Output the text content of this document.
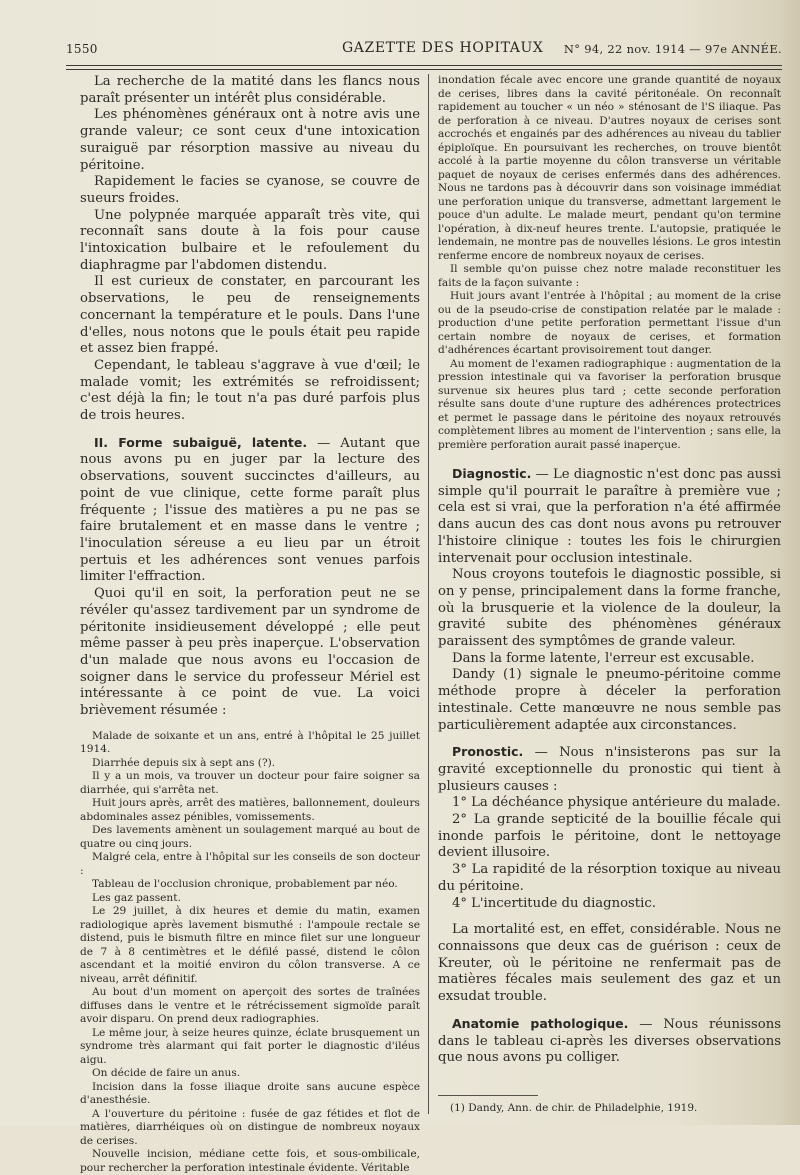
1550	GAZETTE DES HOPITAUX N° 94, 22 nov. 1914 — 97e ANNÉE.

La recherche de la matité dans les flancs nous paraît présenter un intérêt plus considérable.

Les phénomènes généraux ont à notre avis une grande valeur; ce sont ceux d'une intoxication suraiguë par résorption massive au niveau du péritoine.

Rapidement le facies se cyanose, se couvre de sueurs froides.

Une polypnée marquée apparaît très vite, qui reconnaît sans doute à la fois pour cause l'intoxication bulbaire et le refoulement du diaphragme par l'abdomen distendu.

Il est curieux de constater, en parcourant les observations, le peu de renseignements concernant la température et le pouls. Dans l'une d'elles, nous notons que le pouls était peu rapide et assez bien frappé.

Cependant, le tableau s'aggrave à vue d'œil; le malade vomit; les extrémités se refroidissent; c'est déjà la fin; le tout n'a pas duré parfois plus de trois heures.

II. Forme subaiguë, latente. — Autant que nous avons pu en juger par la lecture des observations, souvent succinctes d'ailleurs, au point de vue clinique, cette forme paraît plus fréquente ; l'issue des matières a pu ne pas se faire brutalement et en masse dans le ventre ; l'inoculation séreuse a eu lieu par un étroit pertuis et les adhérences sont venues parfois limiter l'effraction.

Quoi qu'il en soit, la perforation peut ne se révéler qu'assez tardivement par un syndrome de péritonite insidieusement développé ; elle peut même passer à peu près inaperçue. L'observation d'un malade que nous avons eu l'occasion de soigner dans le service du professeur Mériel est intéressante à ce point de vue. La voici brièvement résumée :

Malade de soixante et un ans, entré à l'hôpital le 25 juillet 1914.

Diarrhée depuis six à sept ans (?).

Il y a un mois, va trouver un docteur pour faire soigner sa diarrhée, qui s'arrêta net.

Huit jours après, arrêt des matières, ballonnement, douleurs abdominales assez pénibles, vomissements.

Des lavements amènent un soulagement marqué au bout de quatre ou cinq jours.

Malgré cela, entre à l'hôpital sur les conseils de son docteur :

Tableau de l'occlusion chronique, probablement par néo.

Les gaz passent.

Le 29 juillet, à dix heures et demie du matin, examen radiologique après lavement bismuthé : l'ampoule rectale se distend, puis le bismuth filtre en mince filet sur une longueur de 7 à 8 centimètres et le défilé passé, distend le côlon ascendant et la moitié environ du côlon transverse. A ce niveau, arrêt définitif.

Au bout d'un moment on aperçoit des sortes de traînées diffuses dans le ventre et le rétrécissement sigmoïde paraît avoir disparu. On prend deux radiographies.

Le même jour, à seize heures quinze, éclate brusquement un syndrome très alarmant qui fait porter le diagnostic d'iléus aigu.

On décide de faire un anus.

Incision dans la fosse iliaque droite sans aucune espèce d'anesthésie.

A l'ouverture du péritoine : fusée de gaz fétides et flot de matières, diarrhéiques où on distingue de nombreux noyaux de cerises.

Nouvelle incision, médiane cette fois, et sous-ombilicale, pour rechercher la perforation intestinale évidente. Véritable

inondation fécale avec encore une grande quantité de noyaux de cerises, libres dans la cavité péritonéale. On reconnaît rapidement au toucher « un néo » sténosant de l'S iliaque. Pas de perforation à ce niveau. D'autres noyaux de cerises sont accrochés et engainés par des adhérences au niveau du tablier épiploïque. En poursuivant les recherches, on trouve bientôt accolé à la partie moyenne du côlon transverse un véritable paquet de noyaux de cerises enfermés dans des adhérences. Nous ne tardons pas à découvrir dans son voisinage immédiat une perforation unique du transverse, admettant largement le pouce d'un adulte. Le malade meurt, pendant qu'on termine l'opération, à dix-neuf heures trente. L'autopsie, pratiquée le lendemain, ne montre pas de nouvelles lésions. Le gros intestin renferme encore de nombreux noyaux de cerises.

Il semble qu'on puisse chez notre malade reconstituer les faits de la façon suivante :

Huit jours avant l'entrée à l'hôpital ; au moment de la crise ou de la pseudo-crise de constipation relatée par le malade : production d'une petite perforation permettant l'issue d'un certain nombre de noyaux de cerises, et formation d'adhérences écartant provisoirement tout danger.

Au moment de l'examen radiographique : augmentation de la pression intestinale qui va favoriser la perforation brusque survenue six heures plus tard ; cette seconde perforation résulte sans doute d'une rupture des adhérences protectrices et permet le passage dans le péritoine des noyaux retrouvés complètement libres au moment de l'intervention ; sans elle, la première perforation aurait passé inaperçue.

Diagnostic. — Le diagnostic n'est donc pas aussi simple qu'il pourrait le paraître à première vue ; cela est si vrai, que la perforation n'a été affirmée dans aucun des cas dont nous avons pu retrouver l'histoire clinique : toutes les fois le chirurgien intervenait pour occlusion intestinale.

Nous croyons toutefois le diagnostic possible, si on y pense, principalement dans la forme franche, où la brusquerie et la violence de la douleur, la gravité subite des phénomènes généraux paraissent des symptômes de grande valeur.

Dans la forme latente, l'erreur est excusable.

Dandy (1) signale le pneumo-péritoine comme méthode propre à déceler la perforation intestinale. Cette manœuvre ne nous semble pas particulièrement adaptée aux circonstances.

Pronostic. — Nous n'insisterons pas sur la gravité exceptionnelle du pronostic qui tient à plusieurs causes :

1° La déchéance physique antérieure du malade.

2° La grande septicité de la bouillie fécale qui inonde parfois le péritoine, dont le nettoyage devient illusoire.

3° La rapidité de la résorption toxique au niveau du péritoine.

4° L'incertitude du diagnostic.

La mortalité est, en effet, considérable. Nous ne connaissons que deux cas de guérison : ceux de Kreuter, où le péritoine ne renfermait pas de matières fécales mais seulement des gaz et un exsudat trouble.

Anatomie pathologique. — Nous réunissons dans le tableau ci-après les diverses observations que nous avons pu colliger.

(1) Dandy, Ann. de chir. de Philadelphie, 1919.
